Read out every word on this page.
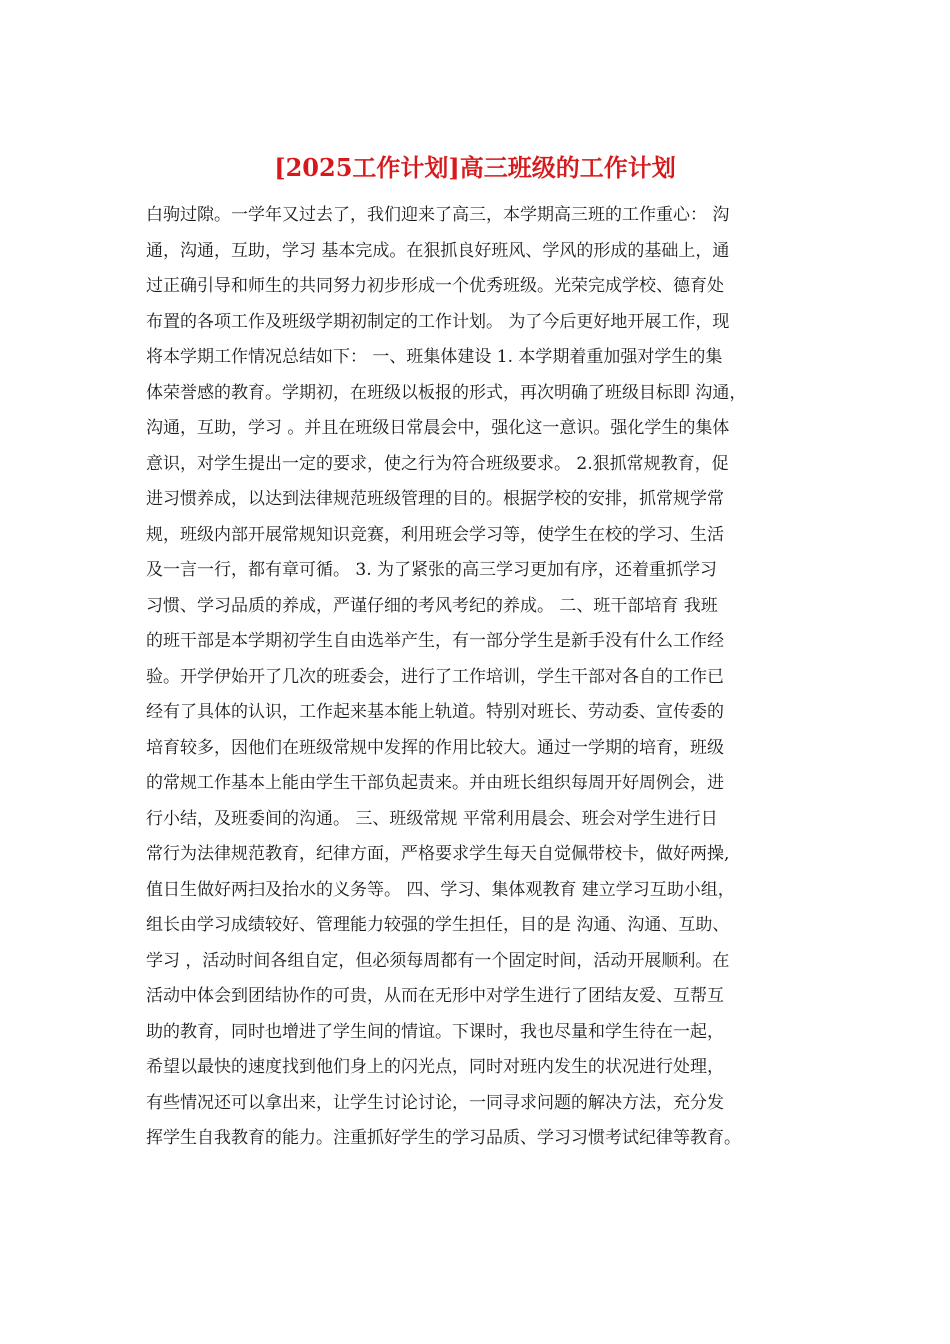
[2025工作计划]高三班级的工作计划
白驹过隙。一学年又过去了，我们迎来了高三，本学期高三班的工作重心： 沟
通，沟通，互助，学习 基本完成。在狠抓良好班风、学风的形成的基础上，通
过正确引导和师生的共同努力初步形成一个优秀班级。光荣完成学校、德育处
布置的各项工作及班级学期初制定的工作计划。 为了今后更好地开展工作，现
将本学期工作情况总结如下： 一、班集体建设 1. 本学期着重加强对学生的集
体荣誉感的教育。学期初，在班级以板报的形式，再次明确了班级目标即 沟通，
沟通，互助，学习 。并且在班级日常晨会中，强化这一意识。强化学生的集体
意识，对学生提出一定的要求，使之行为符合班级要求。 2.狠抓常规教育，促
进习惯养成，以达到法律规范班级管理的目的。根据学校的安排，抓常规学常
规，班级内部开展常规知识竞赛，利用班会学习等，使学生在校的学习、生活
及一言一行，都有章可循。 3. 为了紧张的高三学习更加有序，还着重抓学习
习惯、学习品质的养成，严谨仔细的考风考纪的养成。 二、班干部培育 我班
的班干部是本学期初学生自由选举产生，有一部分学生是新手没有什么工作经
验。开学伊始开了几次的班委会，进行了工作培训，学生干部对各自的工作已
经有了具体的认识，工作起来基本能上轨道。特别对班长、劳动委、宣传委的
培育较多，因他们在班级常规中发挥的作用比较大。通过一学期的培育，班级
的常规工作基本上能由学生干部负起责来。并由班长组织每周开好周例会，进
行小结，及班委间的沟通。 三、班级常规 平常利用晨会、班会对学生进行日
常行为法律规范教育，纪律方面，严格要求学生每天自觉佩带校卡，做好两操,
值日生做好两扫及抬水的义务等。 四、学习、集体观教育 建立学习互助小组，
组长由学习成绩较好、管理能力较强的学生担任，目的是 沟通、沟通、互助、
学习 ，活动时间各组自定，但必须每周都有一个固定时间，活动开展顺利。在
活动中体会到团结协作的可贵，从而在无形中对学生进行了团结友爱、互帮互
助的教育，同时也增进了学生间的情谊。下课时，我也尽量和学生待在一起，
希望以最快的速度找到他们身上的闪光点，同时对班内发生的状况进行处理，
有些情况还可以拿出来，让学生讨论讨论，一同寻求问题的解决方法，充分发
挥学生自我教育的能力。注重抓好学生的学习品质、学习习惯考试纪律等教育。
